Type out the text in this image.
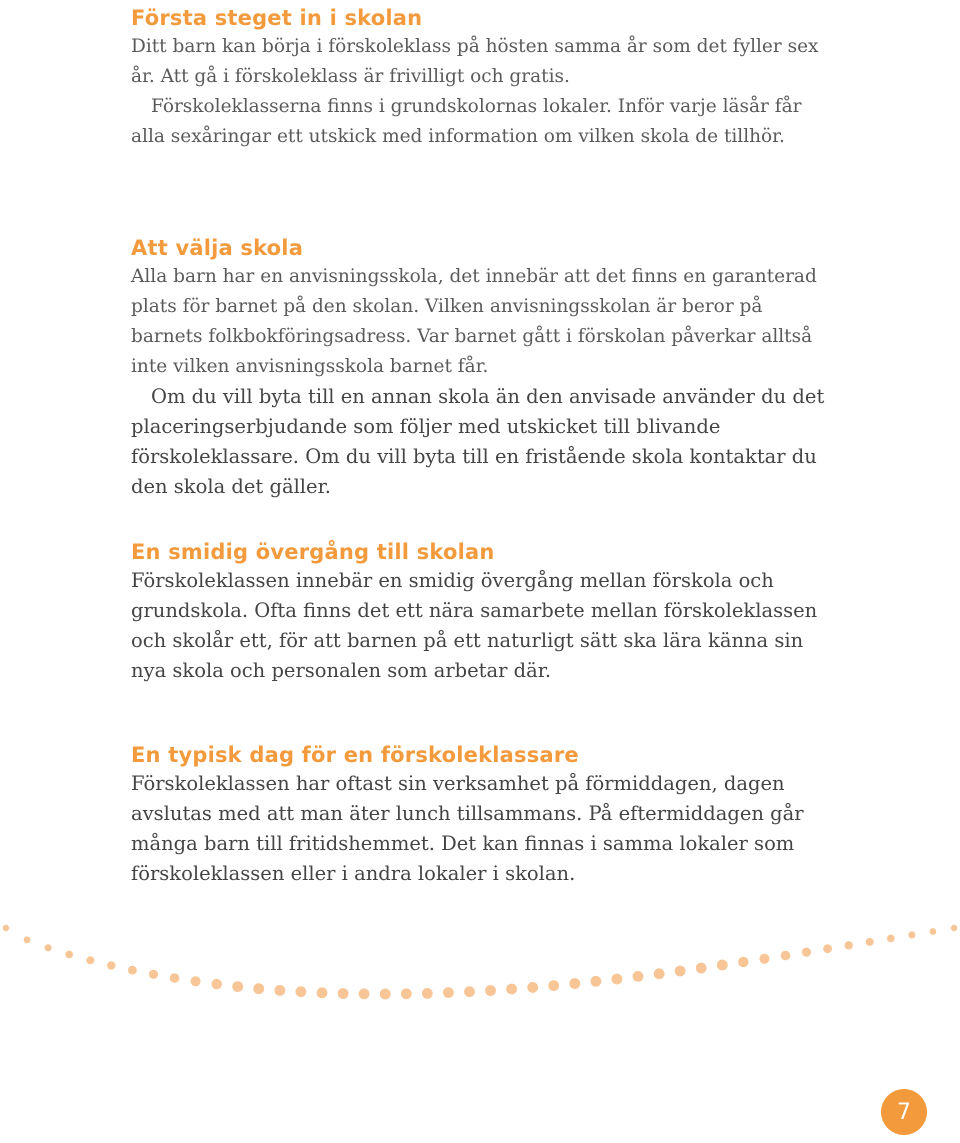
Första steget in i skolan

Ditt barn kan börja i förskoleklass på hösten samma år som det fyller sex år. Att gå i förskoleklass är frivilligt och gratis.

Förskoleklasserna finns i grundskolornas lokaler. Inför varje läsår får alla sexåringar ett utskick med information om vilken skola de tillhör.

Att välja skola

Alla barn har en anvisningsskola, det innebär att det finns en garanterad plats för barnet på den skolan. Vilken anvisningsskolan är beror på barnets folkbokföringsadress. Var barnet gått i förskolan påverkar alltså inte vilken anvisningsskola barnet får.

Om du vill byta till en annan skola än den anvisade använder du det placeringserbjudande som följer med utskicket till blivande förskoleklassare. Om du vill byta till en fristående skola kontaktar du den skola det gäller.

En smidig övergång till skolan

Förskoleklassen innebär en smidig övergång mellan förskola och grundskola. Ofta finns det ett nära samarbete mellan förskoleklassen och skolår ett, för att barnen på ett naturligt sätt ska lära känna sin nya skola och personalen som arbetar där.

En typisk dag för en förskoleklassare

Förskoleklassen har oftast sin verksamhet på förmiddagen, dagen avslutas med att man äter lunch tillsammans. På eftermiddagen går många barn till fritidshemmet. Det kan finnas i samma lokaler som förskoleklassen eller i andra lokaler i skolan.

7
